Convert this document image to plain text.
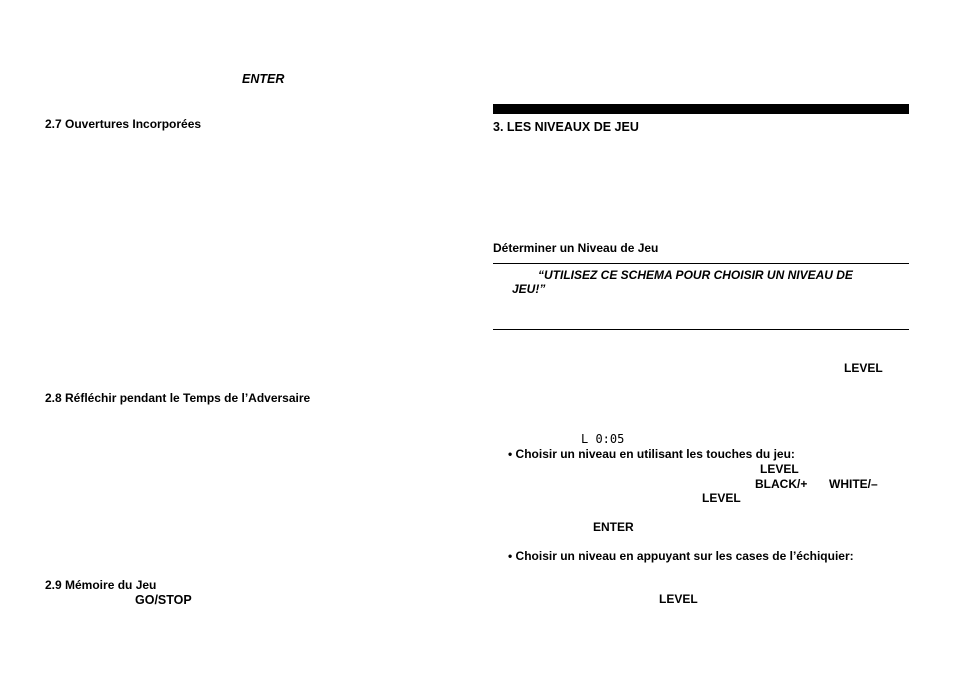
ENTER
2.7 Ouvertures Incorporées
2.8 Réfléchir pendant le Temps de l’Adversaire
2.9 Mémoire du Jeu
GO/STOP
3. LES NIVEAUX DE JEU
Déterminer un Niveau de Jeu
“UTILISEZ CE SCHEMA POUR CHOISIR UN NIVEAU DE
JEU!”
LEVEL
L 0:05
• Choisir un niveau en utilisant les touches du jeu:
LEVEL
BLACK/+ WHITE/–
LEVEL
ENTER
• Choisir un niveau en appuyant sur les cases de l’échiquier:
LEVEL
